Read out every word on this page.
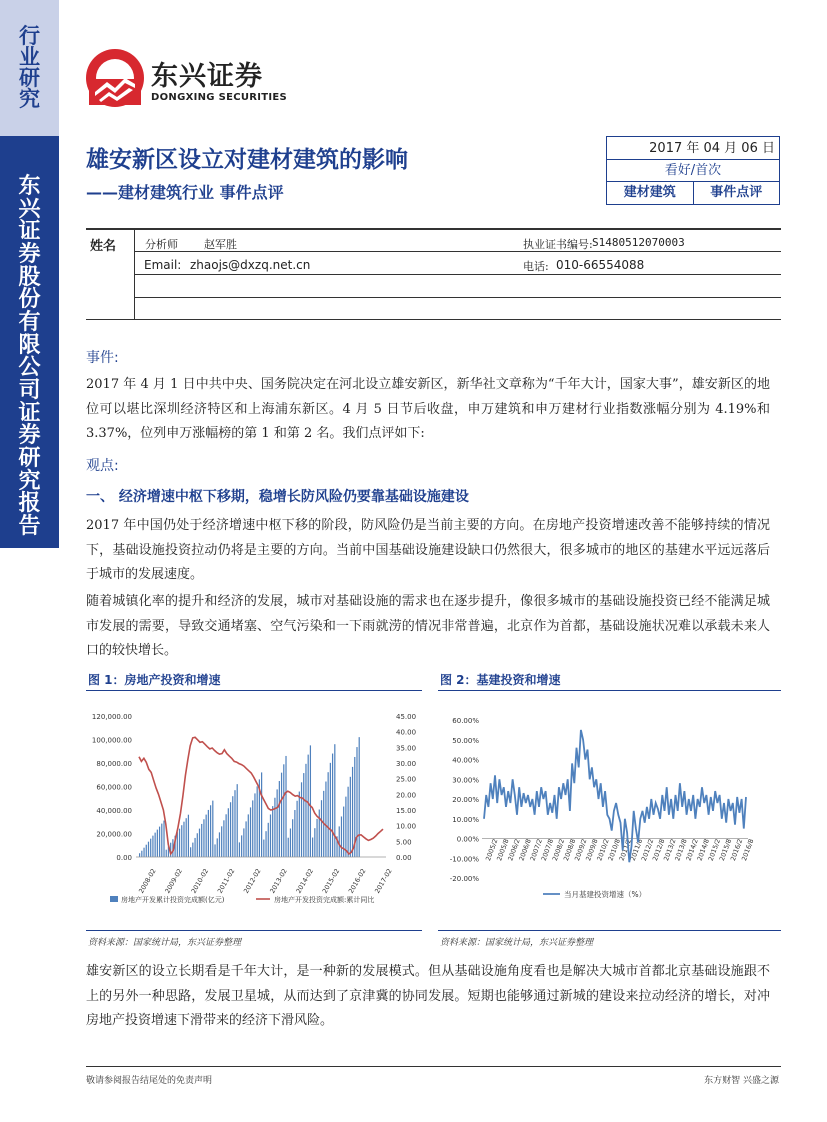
行
业
研
究
东
兴
证
券
股
份
有
限
公
司
证
券
研
究
报
告
东兴证券
DONGXING SECURITIES
雄安新区设立对建材建筑的影响
——建材建筑行业 事件点评
2017 年 04 月 06 日
看好/首次
建材建筑	事件点评
姓名	分析师 赵军胜	执业证书编号: S1480512070003
Email: zhaojs@dxzq.net.cn	电话: 010-66554088
事件:
2017 年 4 月 1 日中共中央、国务院决定在河北设立雄安新区，新华社文章称为“千年大计，国家大事”，雄安新区的地位可以堪比深圳经济特区和上海浦东新区。4 月 5 日节后收盘，申万建筑和申万建材行业指数涨幅分别为 4.19%和 3.37%，位列申万涨幅榜的第 1 和第 2 名。我们点评如下:
观点:
一、 经济增速中枢下移期，稳增长防风险仍要靠基础设施建设
2017 年中国仍处于经济增速中枢下移的阶段，防风险仍是当前主要的方向。在房地产投资增速改善不能够持续的情况下，基础设施投资拉动仍将是主要的方向。当前中国基础设施建设缺口仍然很大，很多城市的地区的基建水平远远落后于城市的发展速度。
随着城镇化率的提升和经济的发展，城市对基础设施的需求也在逐步提升，像很多城市的基础设施投资已经不能满足城市发展的需要，导致交通堵塞、空气污染和一下雨就涝的情况非常普遍，北京作为首都，基础设施状况难以承载未来人口的较快增长。
图 1：房地产投资和增速
120,000.00
100,000.00
80,000.00
60,000.00
40,000.00
20,000.00
0.00
45.00
40.00
35.00
30.00
25.00
20.00
15.00
10.00
5.00
0.00
2008-02 2009-02 2010-02 2011-02 2012-02 2013-02 2014-02 2015-02 2016-02 2017-02
房地产开发累计投资完成额(亿元)	房地产开发投资完成额:累计同比
资料来源：国家统计局，东兴证券整理
图 2：基建投资和增速
60.00%
50.00%
40.00%
30.00%
20.00%
10.00%
0.00%
-10.00%
-20.00%
2005/2
2005/8
2006/2
2006/8
2007/2
2007/8
2008/2
2008/8
2009/2
2009/8
2010/2
2010/8
2011/2
2011/8
2012/2
2012/8
2013/2
2013/8
2014/2
2014/8
2015/2
2015/8
2016/2
2016/8
当月基建投资增速（%）
资料来源：国家统计局，东兴证券整理
雄安新区的设立长期看是千年大计，是一种新的发展模式。但从基础设施角度看也是解决大城市首都北京基础设施跟不上的另外一种思路，发展卫星城，从而达到了京津冀的协同发展。短期也能够通过新城的建设来拉动经济的增长，对冲房地产投资增速下滑带来的经济下滑风险。
敬请参阅报告结尾处的免责声明	东方财智 兴盛之源
